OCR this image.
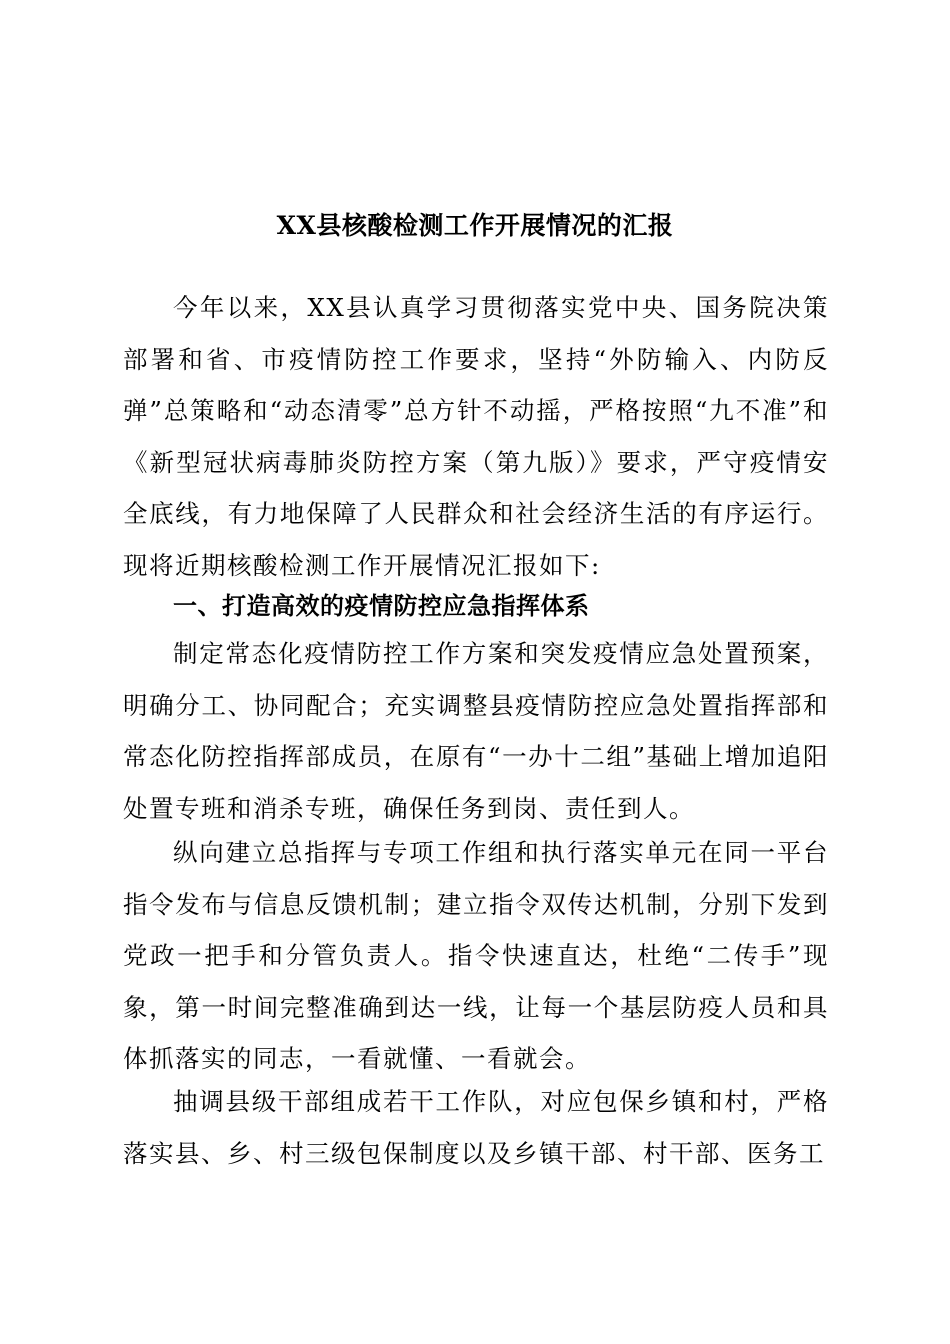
XX县核酸检测工作开展情况的汇报

今年以来，XX县认真学习贯彻落实党中央、国务院决策部署和省、市疫情防控工作要求，坚持“外防输入、内防反弹”总策略和“动态清零”总方针不动摇，严格按照“九不准”和《新型冠状病毒肺炎防控方案（第九版）》要求，严守疫情安全底线，有力地保障了人民群众和社会经济生活的有序运行。现将近期核酸检测工作开展情况汇报如下:

一、打造高效的疫情防控应急指挥体系

制定常态化疫情防控工作方案和突发疫情应急处置预案，明确分工、协同配合；充实调整县疫情防控应急处置指挥部和常态化防控指挥部成员，在原有“一办十二组”基础上增加追阳处置专班和消杀专班，确保任务到岗、责任到人。

纵向建立总指挥与专项工作组和执行落实单元在同一平台指令发布与信息反馈机制；建立指令双传达机制，分别下发到党政一把手和分管负责人。指令快速直达，杜绝“二传手”现象，第一时间完整准确到达一线，让每一个基层防疫人员和具体抓落实的同志，一看就懂、一看就会。

抽调县级干部组成若干工作队，对应包保乡镇和村，严格落实县、乡、村三级包保制度以及乡镇干部、村干部、医务工
